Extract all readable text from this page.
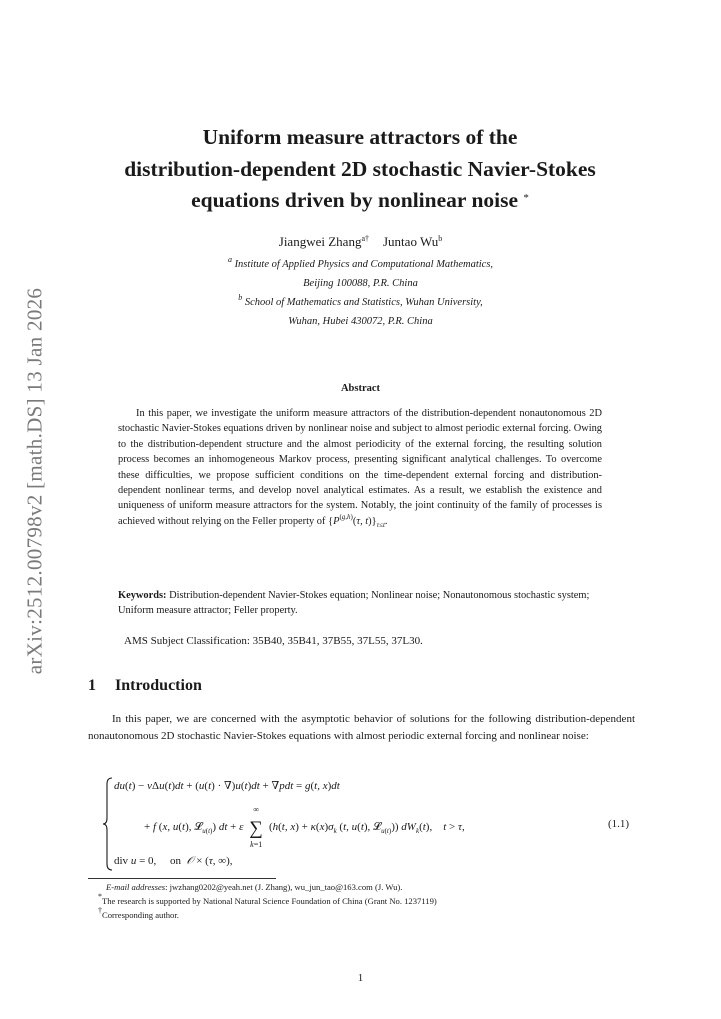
arXiv:2512.00798v2 [math.DS] 13 Jan 2026
Uniform measure attractors of the
distribution-dependent 2D stochastic Navier-Stokes
equations driven by nonlinear noise *
Jiangwei Zhang$^{a\dagger}$ Juntao Wu$^b$
$^a$ Institute of Applied Physics and Computational Mathematics,
Beijing 100088, P.R. China
$^b$ School of Mathematics and Statistics, Wuhan University,
Wuhan, Hubei 430072, P.R. China
Abstract

In this paper, we investigate the uniform measure attractors of the distribution-dependent nonautonomous 2D stochastic Navier-Stokes equations driven by nonlinear noise and subject to almost periodic external forcing. Owing to the distribution-dependent structure and the almost periodicity of the external forcing, the resulting solution process becomes an inhomogeneous Markov process, presenting significant analytical challenges. To overcome these difficulties, we propose sufficient conditions on the time-dependent external forcing and distribution-dependent nonlinear terms, and develop novel analytical estimates. As a result, we establish the existence and uniqueness of uniform measure attractors for the system. Notably, the joint continuity of the family of processes is achieved without relying on the Feller property of {$P^{(g,h)}(\tau$, $t)\}_{\tau\le t}$.

Keywords: Distribution-dependent Navier-Stokes equation; Nonlinear noise; Nonautonomous stochastic system; Uniform measure attractor; Feller property.

AMS Subject Classification: 35B40, 35B41, 37B55, 37L55, 37L30.
1 Introduction

In this paper, we are concerned with the asymptotic behavior of solutions for the following distribution-dependent nonautonomous 2D stochastic Navier-Stokes equations with almost periodic external forcing and nonlinear noise:

du(t) − νΔu(t)dt + (u(t) · ∇)u(t)dt + ∇pdt = g(t, x)dt
+ f (x, u(t), 𝓛$_{u(t)}$) dt + ε ∑
∞
k=1
(h(t, $x) + \kappa(x)\sigma_k$ (t, u(t), 𝓛$_{u(t)}$)) $dW_k(t)$,    t > τ,	(1.1)
div u = 0,     on  𝒪 × (τ, ∞),
E-mail addresses: jwzhang0202@yeah.net (J. Zhang), wu_jun_tao@163.com (J. Wu).
*The research is supported by National Natural Science Foundation of China (Grant No. 1237119)
†Corresponding author.
1
